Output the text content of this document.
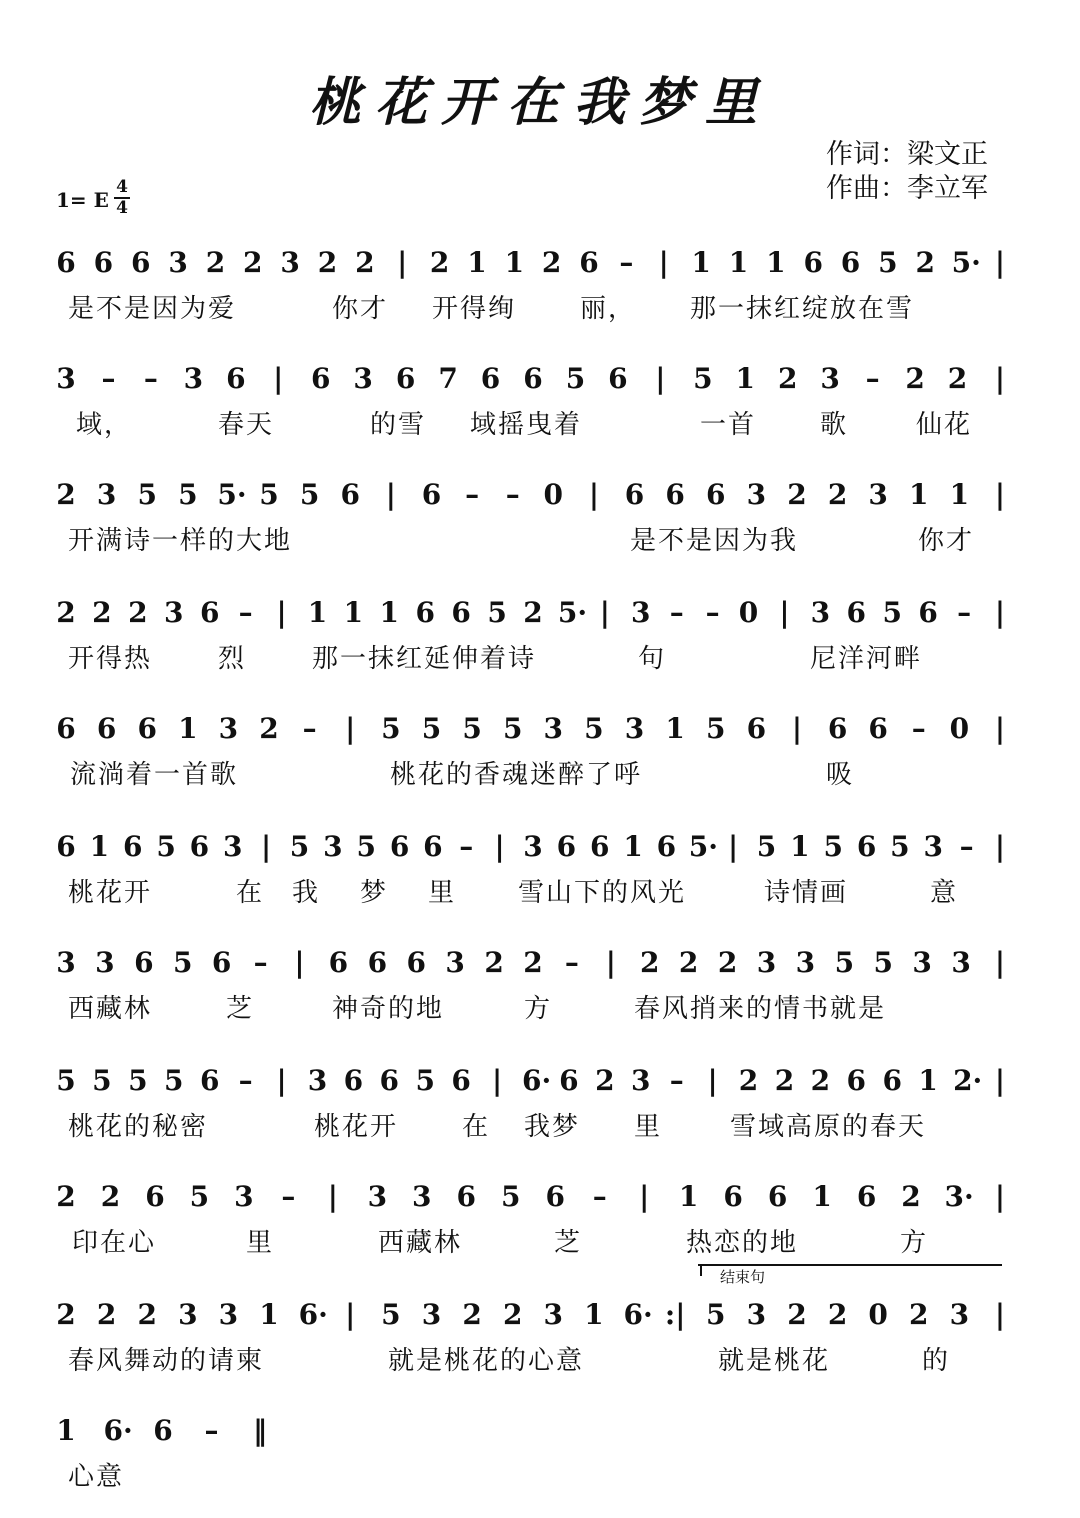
桃花开在我梦里
作词：梁文正
作曲：李立军
1= E
4
4
结束句
6 6 6 3 2 2 3 2 2 | 2 1 1 2 6 – | 1 1 1 6 6 5 2 5· |
是不是因为爱	你才 开得绚 丽， 那一抹红绽放在雪
3 – – 3 6 | 6 3 6 7 6 6 5 6 | 5 1 2 3 – 2 2 |
域，	春天	的雪 域摇曳着	一首 歌	仙花
2 3 5 5 5· 5 5 6 | 6 – – 0 | 6 6 6 3 2 2 3 1 1 |
开满诗一样的大地	是不是因为我	你才
2 2 2 3 6 – | 1 1 1 6 6 5 2 5· | 3 – – 0 | 3 6 5 6 – |
开得热	烈	那一抹红延伸着诗	句	尼洋河畔
6 6 6 1 3 2 – | 5 5 5 5 3 5 3 1 5 6 | 6 6 – 0 |
流淌着一首歌	桃花的香魂迷醉了呼	吸
6 1 6 5 6 3 | 5 3 5 6 6 – | 3 6 6 1 6 5· | 5 1 5 6 5 3 – |
桃花开	在 我 梦 里 雪山下的风光	诗情画	意
3 3 6 5 6 – | 6 6 6 3 2 2 – | 2 2 2 3 3 5 5 3 3 |
西藏林	芝	神奇的地	方	春风捎来的情书就是
5 5 5 5 6 – | 3 6 6 5 6 | 6· 6 2 3 – | 2 2 2 6 6 1 2· |
桃花的秘密	桃花开 在 我梦 里	雪域高原的春天
2 2 6 5 3 – | 3 3 6 5 6 – | 1 6 6 1 6 2 3· |
印在心	里	西藏林	芝	热恋的地	方
2 2 2 3 3 1 6· | 5 3 2 2 3 1 6· :| 5 3 2 2 0 2 3 |
春风舞动的请柬	就是桃花的心意	就是桃花	的
1 6· 6 – ‖
心意
